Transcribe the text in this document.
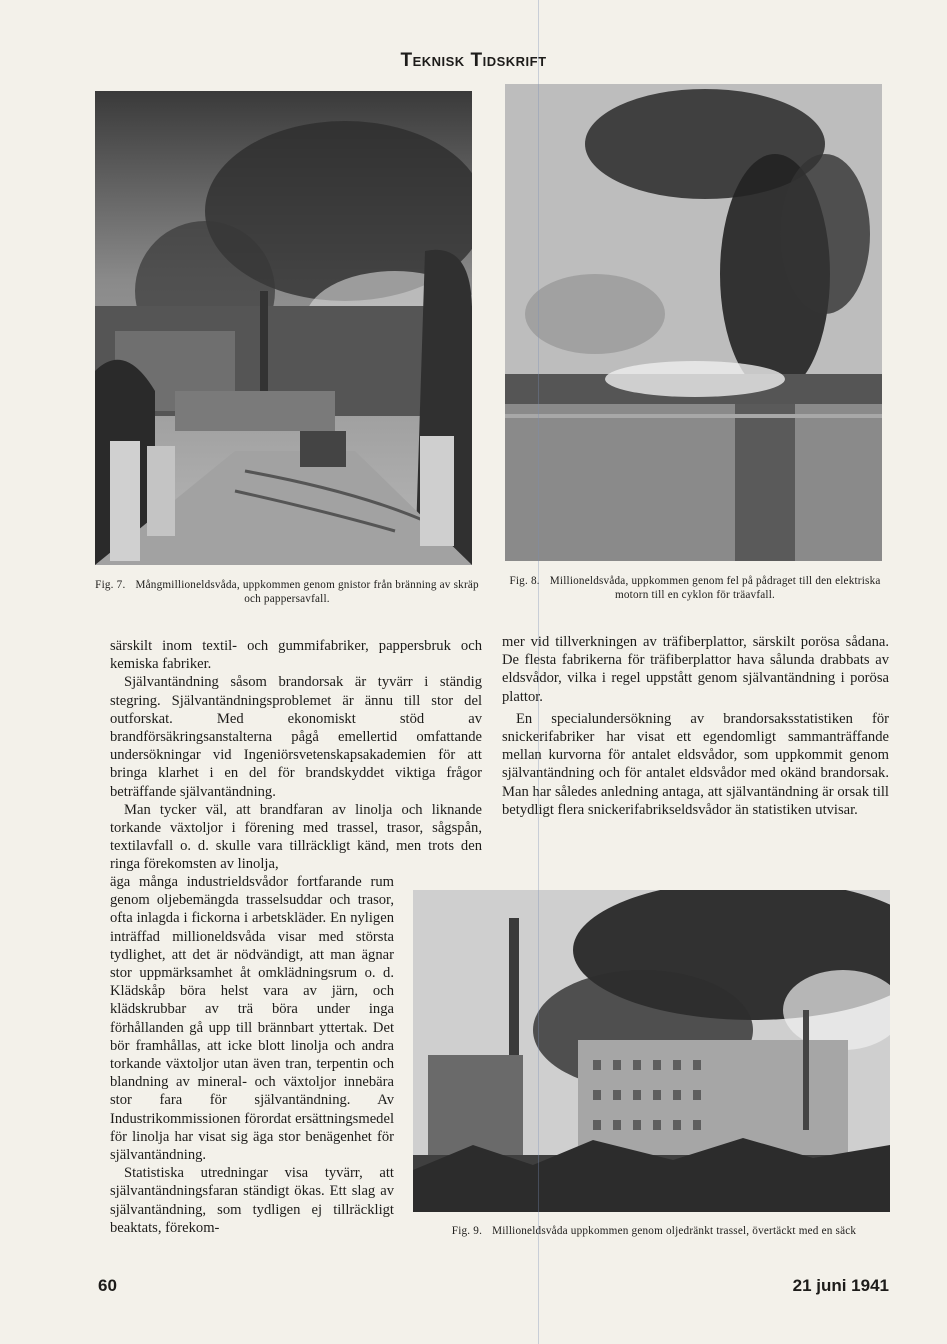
Teknisk Tidskrift
Fig. 7. Mångmillioneldsvåda, uppkommen genom gnistor från bränning av skräp och pappersavfall.
Fig. 8. Millioneldsvåda, uppkommen genom fel på pådraget till den elektriska motorn till en cyklon för träavfall.

särskilt inom textil- och gummifabriker, pappersbruk och kemiska fabriker.

Självantändning såsom brandorsak är tyvärr i ständig stegring. Självantändningsproblemet är ännu till stor del outforskat. Med ekonomiskt stöd av brandförsäkringsanstalterna pågå emellertid omfattande undersökningar vid Ingeniörsvetenskapsakademien för att bringa klarhet i en del för brandskyddet viktiga frågor beträffande självantändning.

Man tycker väl, att brandfaran av linolja och liknande torkande växtoljor i förening med trassel, trasor, sågspån, textilavfall o. d. skulle vara tillräckligt känd, men trots den ringa förekomsten av linolja,

äga många industrieldsvådor fortfarande rum genom oljebemängda trasselsuddar och trasor, ofta inlagda i fickorna i arbetskläder. En nyligen inträffad millioneldsvåda visar med största tydlighet, att det är nödvändigt, att man ägnar stor uppmärksamhet åt omklädningsrum o. d. Klädskåp böra helst vara av järn, och klädskrubbar av trä böra under inga förhållanden gå upp till brännbart yttertak. Det bör framhållas, att icke blott linolja och andra torkande växtoljor utan även tran, terpentin och blandning av mineral- och växtoljor innebära stor fara för självantändning. Av Industrikommissionen förordat ersättningsmedel för linolja har visat sig äga stor benägenhet för självantändning.

Statistiska utredningar visa tyvärr, att självantändningsfaran ständigt ökas. Ett slag av självantändning, som tydligen ej tillräckligt beaktats, förekom-

mer vid tillverkningen av träfiberplattor, särskilt porösa sådana. De flesta fabrikerna för träfiberplattor hava sålunda drabbats av eldsvådor, vilka i regel uppstått genom självantändning i porösa plattor.

En specialundersökning av brandorsaksstatistiken för snickerifabriker har visat ett egendomligt sammanträffande mellan kurvorna för antalet eldsvådor, som uppkommit genom självantändning och för antalet eldsvådor med okänd brandorsak. Man har således anledning antaga, att självantändning är orsak till betydligt flera snickerifabrikseldsvådor än statistiken utvisar.

Fig. 9. Millioneldsvåda uppkommen genom oljedränkt trassel, övertäckt med en säck
60	21 juni 1941
